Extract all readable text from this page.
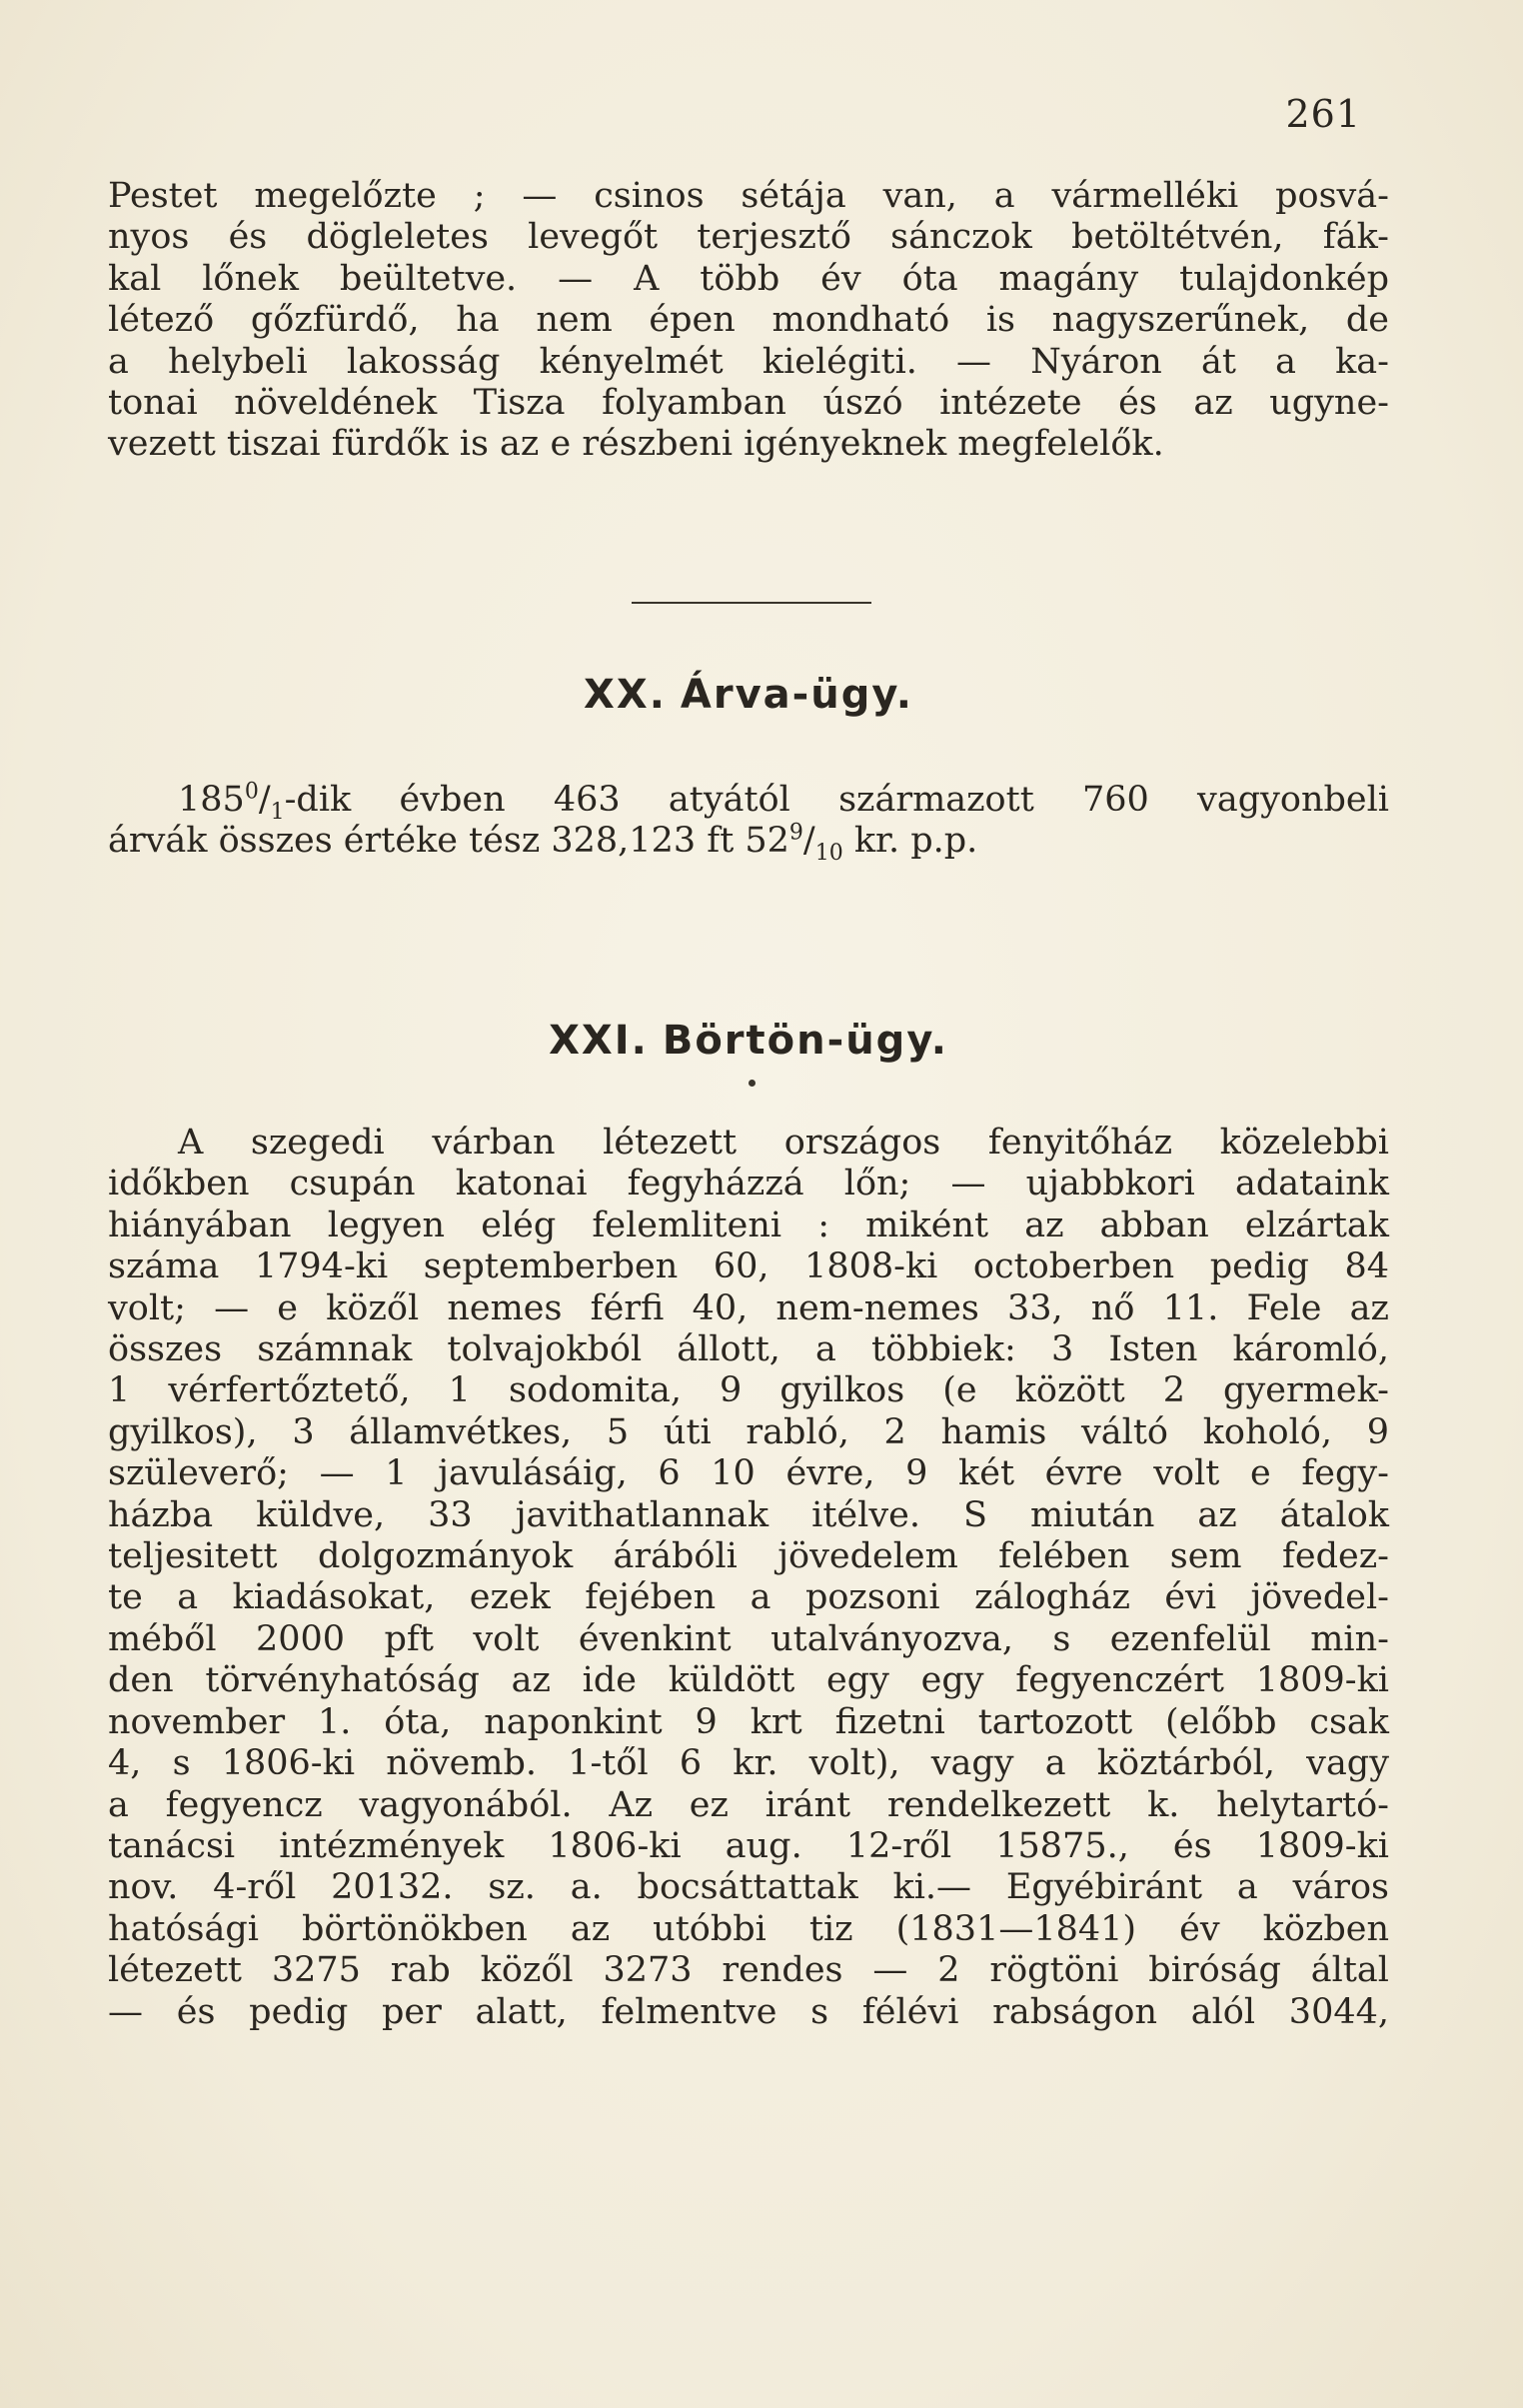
261
Pestet megelőzte ; — csinos sétája van, a vármelléki posvá-
nyos és dögleletes levegőt terjesztő sánczok betöltétvén, fák-
kal lőnek beültetve. — A több év óta magány tulajdonkép
létező gőzfürdő, ha nem épen mondható is nagyszerűnek, de
a helybeli lakosság kényelmét kielégiti. — Nyáron át a ka-
tonai növeldének Tisza folyamban úszó intézete és az ugyne-
vezett tiszai fürdők is az e részbeni igényeknek megfelelők.
XX. Árva-ügy.
$185^0/_1$-dik évben 463 atyától származott 760 vagyonbeli
árvák összes értéke tész 328,123 ft $52^9/_{10}$ kr. p.p.
XXI. Börtön-ügy.
A szegedi várban létezett országos fenyitőház közelebbi
időkben csupán katonai fegyházzá lőn; — ujabbkori adataink
hiányában legyen elég felemliteni : miként az abban elzártak
száma 1794-ki septemberben 60, 1808-ki octoberben pedig 84
volt; — e közől nemes férfi 40, nem-nemes 33, nő 11. Fele az
összes számnak tolvajokból állott, a többiek: 3 Isten káromló,
1 vérfertőztető, 1 sodomita, 9 gyilkos (e között 2 gyermek-
gyilkos), 3 államvétkes, 5 úti rabló, 2 hamis váltó koholó, 9
szüleverő; — 1 javulásáig, 6 10 évre, 9 két évre volt e fegy-
házba küldve, 33 javithatlannak itélve. S miután az átalok
teljesitett dolgozmányok árábóli jövedelem felében sem fedez-
te a kiadásokat, ezek fejében a pozsoni zálogház évi jövedel-
méből 2000 pft volt évenkint utalványozva, s ezenfelül min-
den törvényhatóság az ide küldött egy egy fegyenczért 1809-ki
november 1. óta, naponkint 9 krt fizetni tartozott (előbb csak
4, s 1806-ki növemb. 1-től 6 kr. volt), vagy a köztárból, vagy
a fegyencz vagyonából. Az ez iránt rendelkezett k. helytartó-
tanácsi intézmények 1806-ki aug. 12-ről 15875., és 1809-ki
nov. 4-ről 20132. sz. a. bocsáttattak ki.— Egyébiránt a város
hatósági börtönökben az utóbbi tiz (1831—1841) év közben
létezett 3275 rab közől 3273 rendes — 2 rögtöni biróság által
— és pedig per alatt, felmentve s félévi rabságon alól 3044,
